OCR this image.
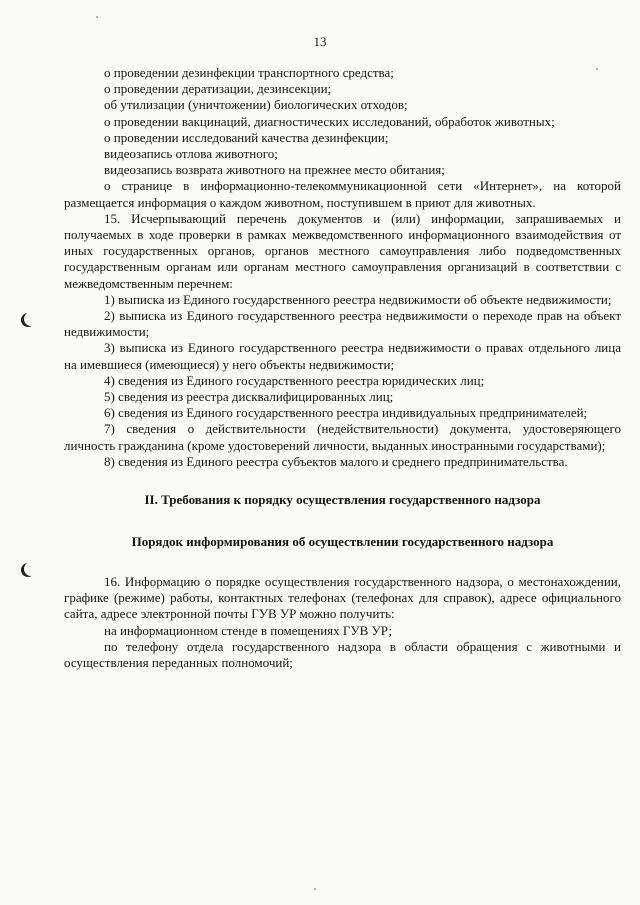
13

о проведении дезинфекции транспортного средства;

о проведении дератизации, дезинсекции;

об утилизации (уничтожении) биологических отходов;

о проведении вакцинаций, диагностических исследований, обработок животных;

о проведении исследований качества дезинфекции;

видеозапись отлова животного;

видеозапись возврата животного на прежнее место обитания;

о странице в информационно-телекоммуникационной сети «Интернет», на которой размещается информация о каждом животном, поступившем в приют для животных.

15. Исчерпывающий перечень документов и (или) информации, запрашиваемых и получаемых в ходе проверки в рамках межведомственного информационного взаимодействия от иных государственных органов, органов местного самоуправления либо подведомственных государственным органам или органам местного самоуправления организаций в соответствии с межведомственным перечнем:

1) выписка из Единого государственного реестра недвижимости об объекте недвижимости;

2) выписка из Единого государственного реестра недвижимости о переходе прав на объект недвижимости;

3) выписка из Единого государственного реестра недвижимости о правах отдельного лица на имевшиеся (имеющиеся) у него объекты недвижимости;

4) сведения из Единого государственного реестра юридических лиц;

5) сведения из реестра дисквалифицированных лиц;

6) сведения из Единого государственного реестра индивидуальных предпринимателей;

7) сведения о действительности (недействительности) документа, удостоверяющего личность гражданина (кроме удостоверений личности, выданных иностранными государствами);

8) сведения из Единого реестра субъектов малого и среднего предпринимательства.

II. Требования к порядку осуществления государственного надзора
Порядок информирования об осуществлении государственного надзора

16. Информацию о порядке осуществления государственного надзора, о местонахождении, графике (режиме) работы, контактных телефонах (телефонах для справок), адресе официального сайта, адресе электронной почты ГУВ УР можно получить:

на информационном стенде в помещениях ГУВ УР;

по телефону отдела государственного надзора в области обращения с животными и осуществления переданных полномочий;
